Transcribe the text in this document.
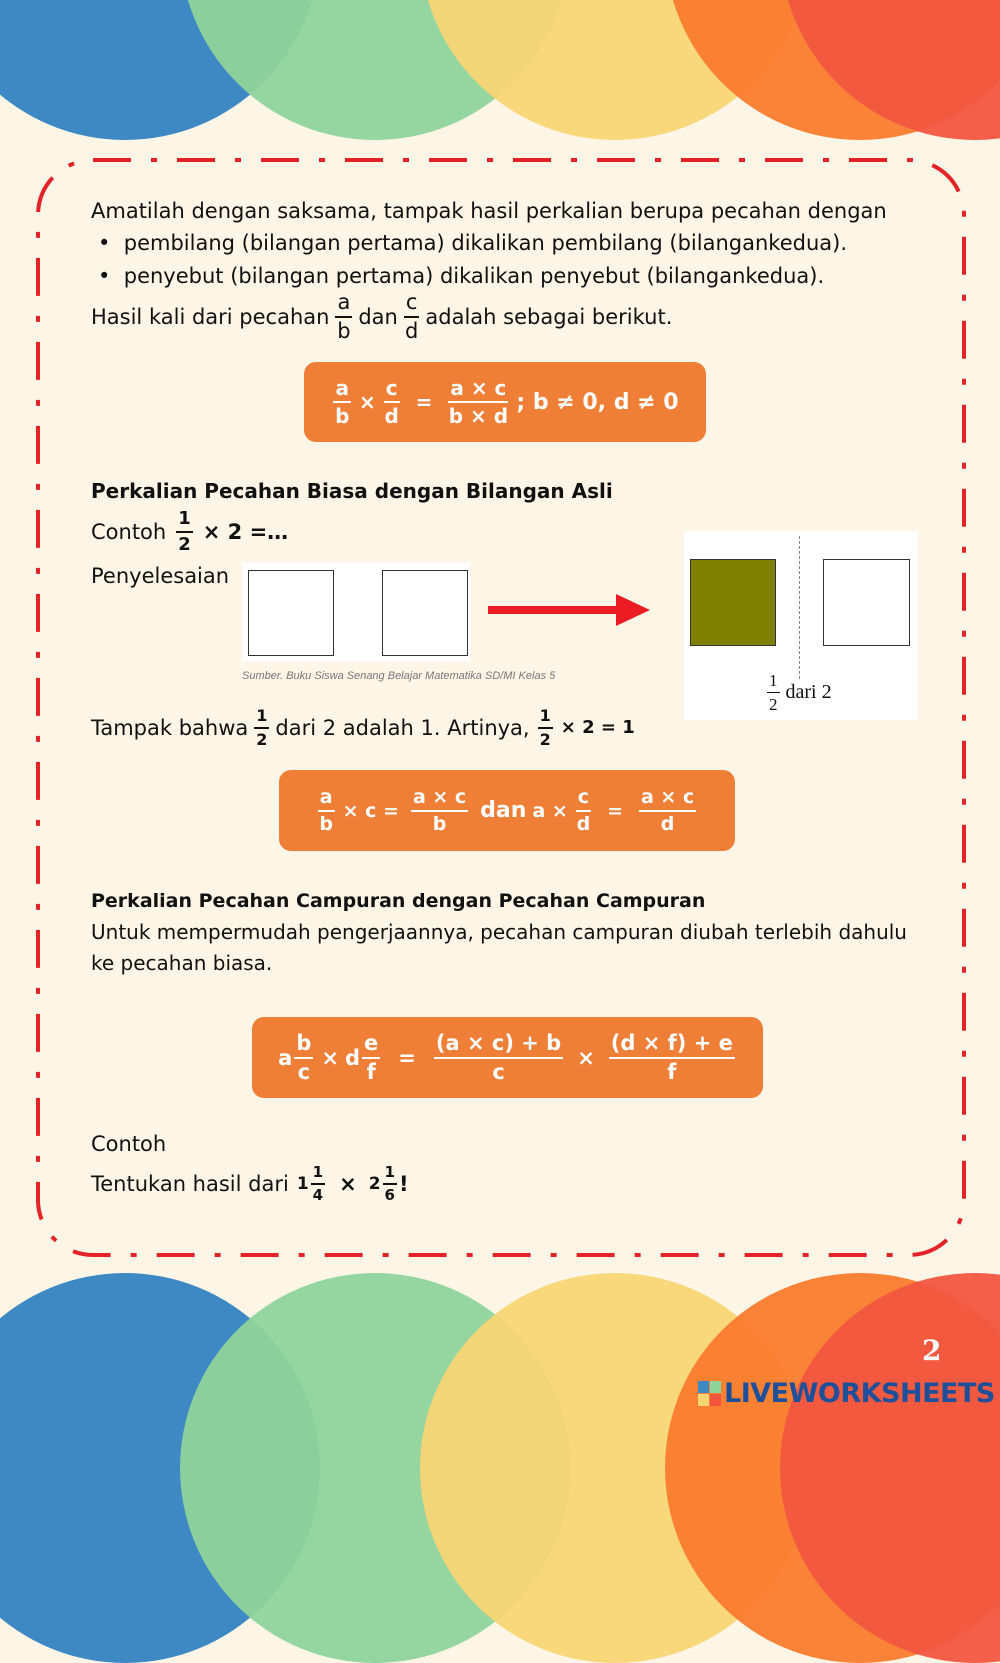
Amatilah dengan saksama, tampak hasil perkalian berupa pecahan dengan
• pembilang (bilangan pertama) dikalikan pembilang (bilangankedua).
• penyebut (bilangan pertama) dikalikan penyebut (bilangankedua).
Hasil kali dari pecahan $\frac{a}{b}$ dan $\frac{c}{d}$ adalah sebagai berikut.
$\frac{a}{b} \times \frac{c}{d} = \frac{a \times c}{b \times d}$ ; b ≠ 0, d ≠ 0
Perkalian Pecahan Biasa dengan Bilangan Asli
Contoh $\frac{1}{2} \times 2$ =…
Penyelesaian
Sumber. Buku Siswa Senang Belajar Matematika SD/MI Kelas 5	$\frac{1}{2}$ dari 2
Tampak bahwa $\frac{1}{2}$ dari 2 adalah 1. Artinya, $\frac{1}{2} \times 2 = 1$
$\frac{a}{b} \times c = \frac{a \times c}{b}$ dan $a \times \frac{c}{d} = \frac{a \times c}{d}$
Perkalian Pecahan Campuran dengan Pecahan Campuran
Untuk mempermudah pengerjaannya, pecahan campuran diubah terlebih dahulu
ke pecahan biasa.
a $\frac{b}{c} \times d \frac{e}{f} = \frac{(a \times c) + b}{c} \times \frac{(d \times f) + e}{f}$
Contoh
Tentukan hasil dari $1 \frac{1}{4} \times 2 \frac{1}{6}$ !
2
LIVEWORKSHEETS
